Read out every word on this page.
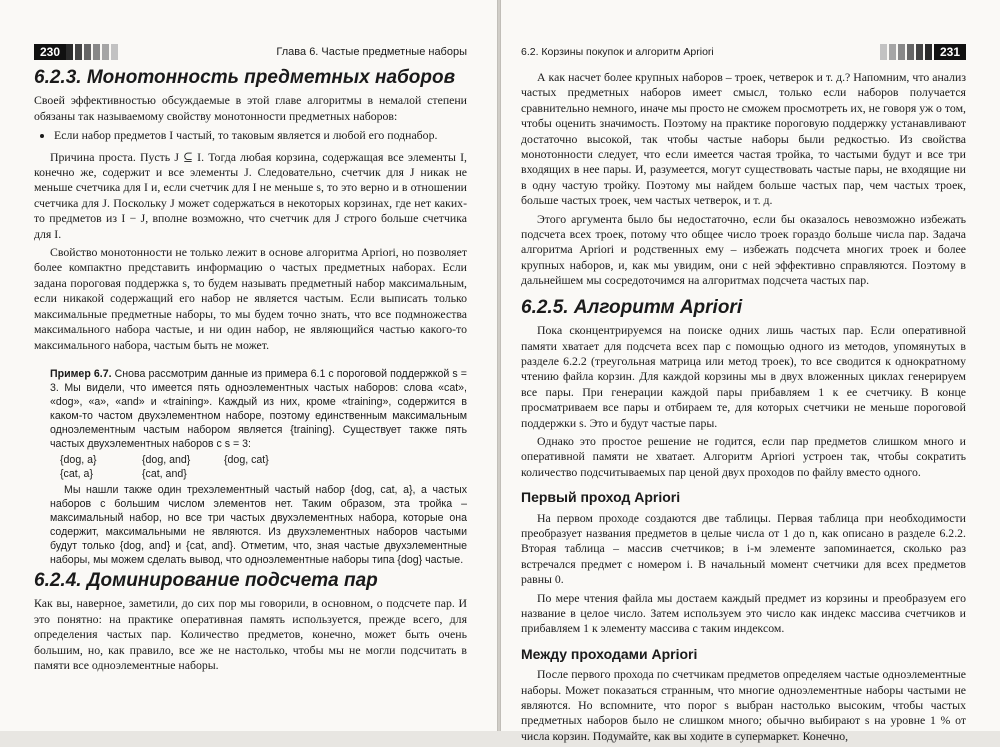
230	Глава 6. Частые предметные наборы
6.2.3. Монотонность предметных наборов

Своей эффективностью обсуждаемые в этой главе алгоритмы в немалой степени обязаны так называемому свойству монотонности предметных наборов:

• Если набор предметов I частый, то таковым является и любой его поднабор.

Причина проста. Пусть J ⊆ I. Тогда любая корзина, содержащая все элементы I, конечно же, содержит и все элементы J. Следовательно, счетчик для J никак не меньше счетчика для I и, если счетчик для I не меньше s, то это верно и в отношении счетчика для J. Поскольку J может содержаться в некоторых корзинах, где нет каких-то предметов из I − J, вполне возможно, что счетчик для J строго больше счетчика для I.

Свойство монотонности не только лежит в основе алгоритма Apriori, но позволяет более компактно представить информацию о частых предметных наборах. Если задана пороговая поддержка s, то будем называть предметный набор максимальным, если никакой содержащий его набор не является частым. Если выписать только максимальные предметные наборы, то мы будем точно знать, что все подмножества максимального набора частые, и ни один набор, не являющийся частью какого-то максимального набора, частым быть не может.

Пример 6.7. Снова рассмотрим данные из примера 6.1 с пороговой поддержкой s = 3. Мы видели, что имеется пять одноэлементных частых наборов: слова «cat», «dog», «a», «and» и «training». Каждый из них, кроме «training», содержится в каком-то частом двухэлементном наборе, поэтому единственным максимальным одноэлементным частым набором является {training}. Существует также пять частых двухэлементных наборов с s = 3:

{dog, a}	{dog, and}	{dog, cat}
{cat, a}	{cat, and}

Мы нашли также один трехэлементный частый набор {dog, cat, a}, а частых наборов с большим числом элементов нет. Таким образом, эта тройка – максимальный набор, но все три частых двухэлементных набора, которые она содержит, максимальными не являются. Из двухэлементных наборов частыми будут только {dog, and} и {cat, and}. Отметим, что, зная частые двухэлементные наборы, мы можем сделать вывод, что одноэлементные наборы типа {dog} частые.

6.2.4. Доминирование подсчета пар

Как вы, наверное, заметили, до сих пор мы говорили, в основном, о подсчете пар. И это понятно: на практике оперативная память используется, прежде всего, для определения частых пар. Количество предметов, конечно, может быть очень большим, но, как правило, все же не настолько, чтобы мы не могли подсчитать в памяти все одноэлементные наборы.

6.2. Корзины покупок и алгоритм Apriori	231

А как насчет более крупных наборов – троек, четверок и т. д.? Напомним, что анализ частых предметных наборов имеет смысл, только если наборов получается сравнительно немного, иначе мы просто не сможем просмотреть их, не говоря уж о том, чтобы оценить значимость. Поэтому на практике пороговую поддержку устанавливают достаточно высокой, так чтобы частые наборы были редкостью. Из свойства монотонности следует, что если имеется частая тройка, то частыми будут и все три входящих в нее пары. И, разумеется, могут существовать частые пары, не входящие ни в одну частую тройку. Поэтому мы найдем больше частых пар, чем частых троек, больше частых троек, чем частых четверок, и т. д.

Этого аргумента было бы недостаточно, если бы оказалось невозможно избежать подсчета всех троек, потому что общее число троек гораздо больше числа пар. Задача алгоритма Apriori и родственных ему – избежать подсчета многих троек и более крупных наборов, и, как мы увидим, они с ней эффективно справляются. Поэтому в дальнейшем мы сосредоточимся на алгоритмах подсчета частых пар.

6.2.5. Алгоритм Apriori

Пока сконцентрируемся на поиске одних лишь частых пар. Если оперативной памяти хватает для подсчета всех пар с помощью одного из методов, упомянутых в разделе 6.2.2 (треугольная матрица или метод троек), то все сводится к однократному чтению файла корзин. Для каждой корзины мы в двух вложенных циклах генерируем все пары. При генерации каждой пары прибавляем 1 к ее счетчику. В конце просматриваем все пары и отбираем те, для которых счетчики не меньше пороговой поддержки s. Это и будут частые пары.

Однако это простое решение не годится, если пар предметов слишком много и оперативной памяти не хватает. Алгоритм Apriori устроен так, чтобы сократить количество подсчитываемых пар ценой двух проходов по файлу вместо одного.

Первый проход Apriori

На первом проходе создаются две таблицы. Первая таблица при необходимости преобразует названия предметов в целые числа от 1 до n, как описано в разделе 6.2.2. Вторая таблица – массив счетчиков; в i-м элементе запоминается, сколько раз встречался предмет с номером i. В начальный момент счетчики для всех предметов равны 0.

По мере чтения файла мы достаем каждый предмет из корзины и преобразуем его название в целое число. Затем используем это число как индекс массива счетчиков и прибавляем 1 к элементу массива с таким индексом.

Между проходами Apriori

После первого прохода по счетчикам предметов определяем частые одноэлементные наборы. Может показаться странным, что многие одноэлементные наборы частыми не являются. Но вспомните, что порог s выбран настолько высоким, чтобы частых предметных наборов было не слишком много; обычно выбирают s на уровне 1 % от числа корзин. Подумайте, как вы ходите в супермаркет. Конечно,
